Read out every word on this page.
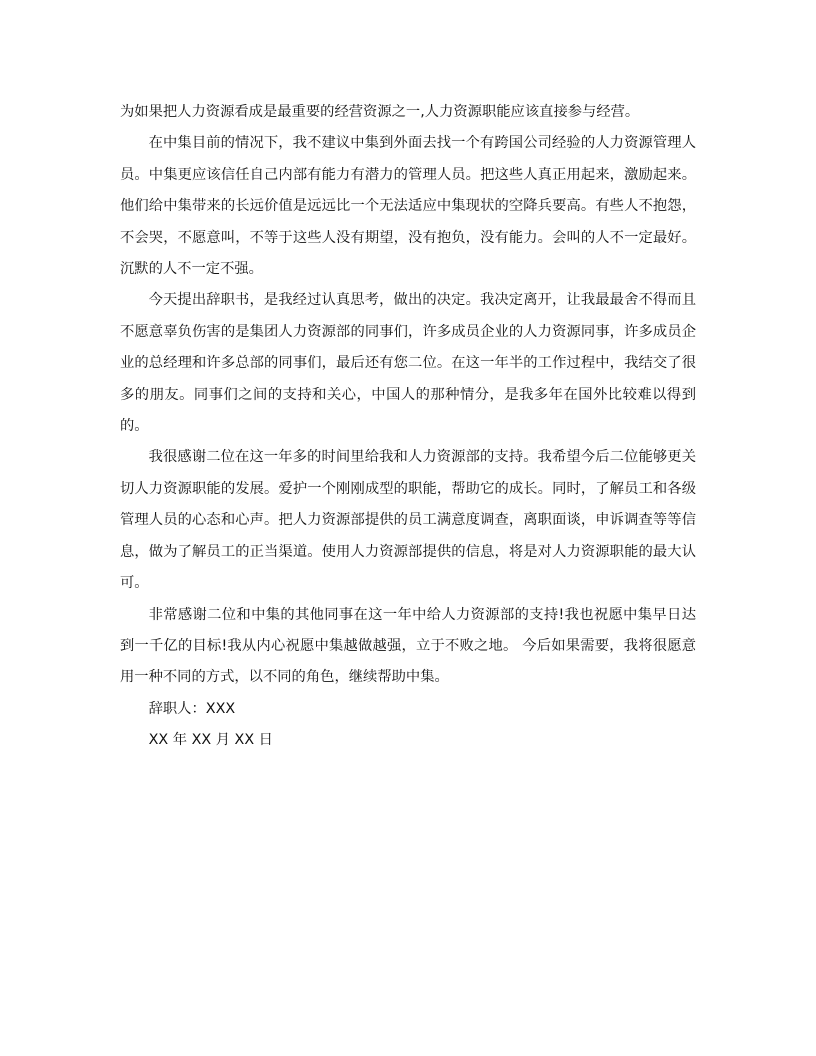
为如果把人力资源看成是最重要的经营资源之一,人力资源职能应该直接参与经营。

在中集目前的情况下，我不建议中集到外面去找一个有跨国公司经验的人力资源管理人员。中集更应该信任自己内部有能力有潜力的管理人员。把这些人真正用起来，激励起来。他们给中集带来的长远价值是远远比一个无法适应中集现状的空降兵要高。有些人不抱怨，不会哭，不愿意叫，不等于这些人没有期望，没有抱负，没有能力。会叫的人不一定最好。沉默的人不一定不强。

今天提出辞职书，是我经过认真思考，做出的决定。我决定离开，让我最最舍不得而且不愿意辜负伤害的是集团人力资源部的同事们，许多成员企业的人力资源同事，许多成员企业的总经理和许多总部的同事们，最后还有您二位。在这一年半的工作过程中，我结交了很多的朋友。同事们之间的支持和关心，中国人的那种情分，是我多年在国外比较难以得到的。

我很感谢二位在这一年多的时间里给我和人力资源部的支持。我希望今后二位能够更关切人力资源职能的发展。爱护一个刚刚成型的职能，帮助它的成长。同时，了解员工和各级管理人员的心态和心声。把人力资源部提供的员工满意度调查，离职面谈，申诉调查等等信息，做为了解员工的正当渠道。使用人力资源部提供的信息，将是对人力资源职能的最大认可。

非常感谢二位和中集的其他同事在这一年中给人力资源部的支持!我也祝愿中集早日达到一千亿的目标!我从内心祝愿中集越做越强，立于不败之地。 今后如果需要，我将很愿意用一种不同的方式，以不同的角色，继续帮助中集。

辞职人：XXX

XX 年 XX 月 XX 日
